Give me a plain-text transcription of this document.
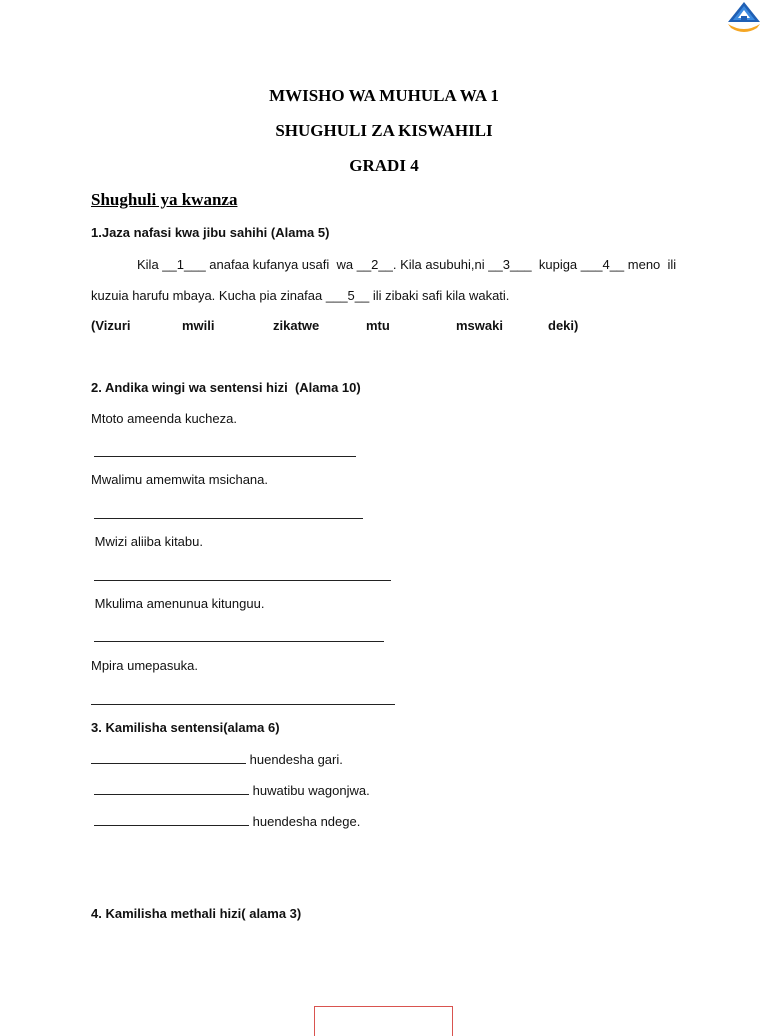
MWISHO WA MUHULA WA 1
SHUGHULI ZA KISWAHILI
GRADI 4
Shughuli ya kwanza
1.Jaza nafasi kwa jibu sahihi (Alama 5)
Kila __1___ anafaa kufanya usafi  wa __2__. Kila asubuhi,ni __3___  kupiga ___4__ meno  ili
kuzuia harufu mbaya. Kucha pia zinafaa ___5__ ili zibaki safi kila wakati.
(Vizuri	mwili	zikatwe	mtu	mswaki	deki)
2. Andika wingi wa sentensi hizi  (Alama 10)
Mtoto ameenda kucheza.
Mwalimu amemwita msichana.
Mwizi aliiba kitabu.
Mkulima amenunua kitunguu.
Mpira umepasuka.
3. Kamilisha sentensi(alama 6)
huendesha gari.
huwatibu wagonjwa.
huendesha ndege.
4. Kamilisha methali hizi( alama 3)
